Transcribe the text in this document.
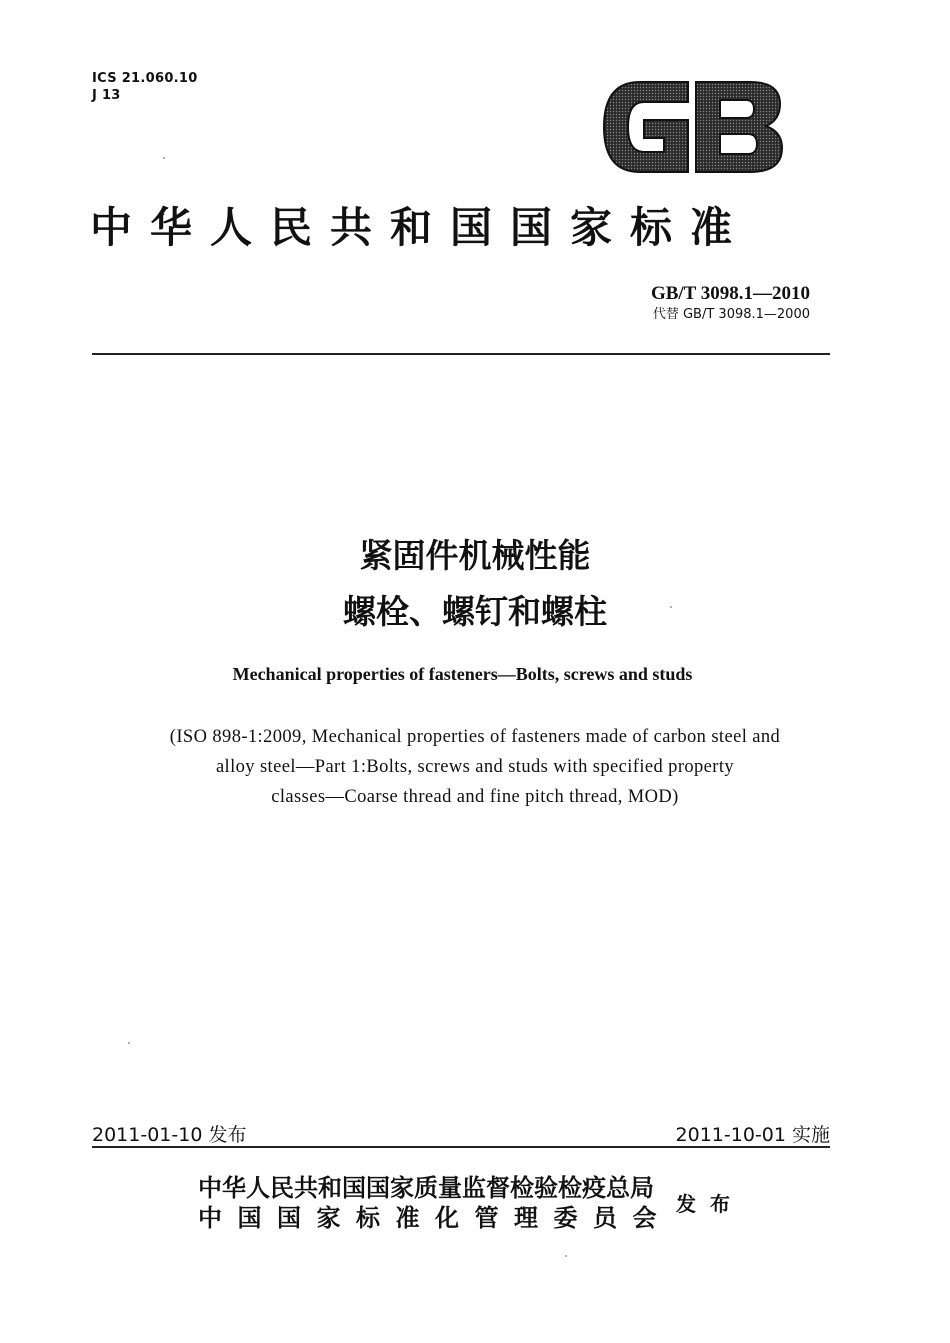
ICS 21.060.10
J 13
中华人民共和国国家标准
GB/T 3098.1—2010
代替 GB/T 3098.1—2000
紧固件机械性能
螺栓、螺钉和螺柱
Mechanical properties of fasteners—Bolts, screws and studs
(ISO 898-1:2009, Mechanical properties of fasteners made of carbon steel and
alloy steel—Part 1:Bolts, screws and studs with specified property
classes—Coarse thread and fine pitch thread, MOD)
2011-01-10 发布	2011-10-01 实施
中华人民共和国国家质量监督检验检疫总局
中国国家标准化管理委员会 发布
